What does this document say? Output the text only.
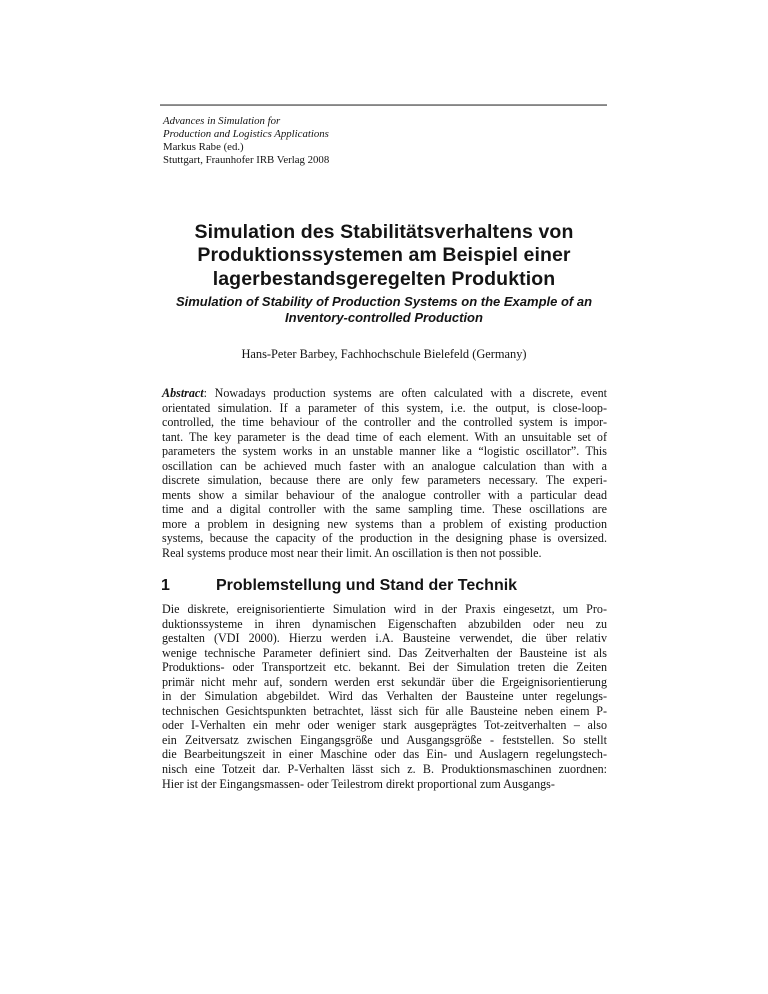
Advances in Simulation for
Production and Logistics Applications
Markus Rabe (ed.)
Stuttgart, Fraunhofer IRB Verlag 2008
Simulation des Stabilitätsverhaltens von
Produktionssystemen am Beispiel einer
lagerbestandsgeregelten Produktion
Simulation of Stability of Production Systems on the Example of an
Inventory-controlled Production
Hans-Peter Barbey, Fachhochschule Bielefeld (Germany)
Abstract: Nowadays production systems are often calculated with a discrete, event
orientated simulation. If a parameter of this system, i.e. the output, is close-loop-
controlled, the time behaviour of the controller and the controlled system is impor-
tant. The key parameter is the dead time of each element. With an unsuitable set of
parameters the system works in an unstable manner like a “logistic oscillator”. This
oscillation can be achieved much faster with an analogue calculation than with a
discrete simulation, because there are only few parameters necessary. The experi-
ments show a similar behaviour of the analogue controller with a particular dead
time and a digital controller with the same sampling time. These oscillations are
more a problem in designing new systems than a problem of existing production
systems, because the capacity of the production in the designing phase is oversized.
Real systems produce most near their limit. An oscillation is then not possible.
1	Problemstellung und Stand der Technik
Die diskrete, ereignisorientierte Simulation wird in der Praxis eingesetzt, um Pro-
duktionssysteme in ihren dynamischen Eigenschaften abzubilden oder neu zu
gestalten (VDI 2000). Hierzu werden i.A. Bausteine verwendet, die über relativ
wenige technische Parameter definiert sind. Das Zeitverhalten der Bausteine ist als
Produktions- oder Transportzeit etc. bekannt. Bei der Simulation treten die Zeiten
primär nicht mehr auf, sondern werden erst sekundär über die Ergeignisorientierung
in der Simulation abgebildet. Wird das Verhalten der Bausteine unter regelungs-
technischen Gesichtspunkten betrachtet, lässt sich für alle Bausteine neben einem P-
oder I-Verhalten ein mehr oder weniger stark ausgeprägtes Tot-zeitverhalten – also
ein Zeitversatz zwischen Eingangsgröße und Ausgangsgröße - feststellen. So stellt
die Bearbeitungszeit in einer Maschine oder das Ein- und Auslagern regelungstech-
nisch eine Totzeit dar. P-Verhalten lässt sich z. B. Produktionsmaschinen zuordnen:
Hier ist der Eingangsmassen- oder Teilestrom direkt proportional zum Ausgangs-
